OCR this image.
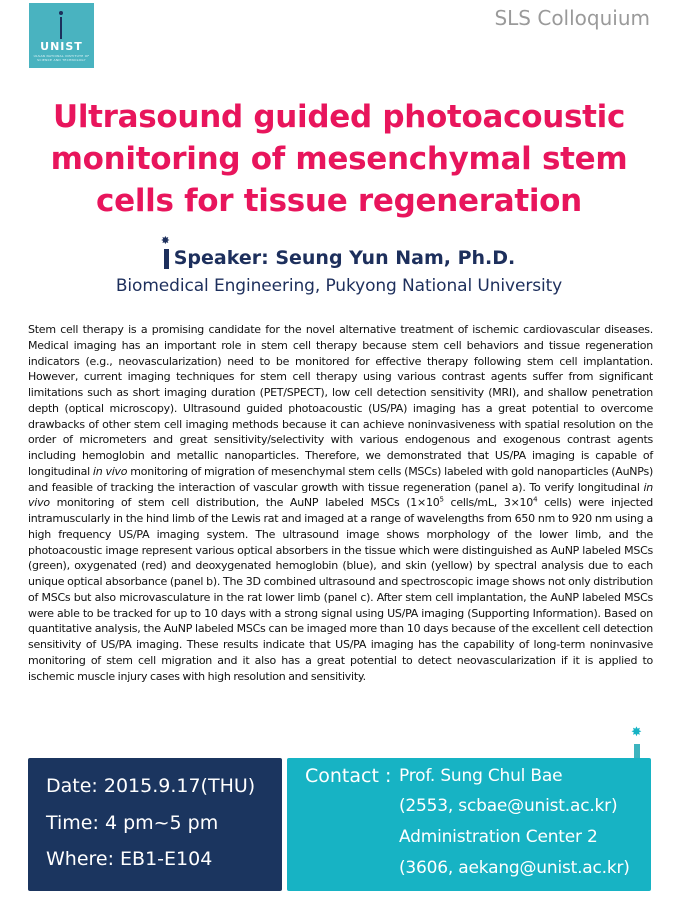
UNIST
ULSAN NATIONAL INSTITUTE OF SCIENCE AND TECHNOLOGY
SLS Colloquium
Ultrasound guided photoacoustic
monitoring of mesenchymal stem
cells for tissue regeneration
✸
Speaker: Seung Yun Nam, Ph.D.
Biomedical Engineering, Pukyong National University
Stem cell therapy is a promising candidate for the novel alternative treatment of ischemic cardiovascular diseases. Medical imaging has an important role in stem cell therapy because stem cell behaviors and tissue regeneration indicators (e.g., neovascularization) need to be monitored for effective therapy following stem cell implantation. However, current imaging techniques for stem cell therapy using various contrast agents suffer from significant limitations such as short imaging duration (PET/SPECT), low cell detection sensitivity (MRI), and shallow penetration depth (optical microscopy). Ultrasound guided photoacoustic (US/PA) imaging has a great potential to overcome drawbacks of other stem cell imaging methods because it can achieve noninvasiveness with spatial resolution on the order of micrometers and great sensitivity/selectivity with various endogenous and exogenous contrast agents including hemoglobin and metallic nanoparticles. Therefore, we demonstrated that US/PA imaging is capable of longitudinal in vivo monitoring of migration of mesenchymal stem cells (MSCs) labeled with gold nanoparticles (AuNPs) and feasible of tracking the interaction of vascular growth with tissue regeneration (panel a). To verify longitudinal in vivo monitoring of stem cell distribution, the AuNP labeled MSCs ($1\times 10^5$ cells/mL, $3\times 10^4$ cells) were injected intramuscularly in the hind limb of the Lewis rat and imaged at a range of wavelengths from 650 nm to 920 nm using a high frequency US/PA imaging system. The ultrasound image shows morphology of the lower limb, and the photoacoustic image represent various optical absorbers in the tissue which were distinguished as AuNP labeled MSCs (green), oxygenated (red) and deoxygenated hemoglobin (blue), and skin (yellow) by spectral analysis due to each unique optical absorbance (panel b). The 3D combined ultrasound and spectroscopic image shows not only distribution of MSCs but also microvasculature in the rat lower limb (panel c). After stem cell implantation, the AuNP labeled MSCs were able to be tracked for up to 10 days with a strong signal using US/PA imaging (Supporting Information). Based on quantitative analysis, the AuNP labeled MSCs can be imaged more than 10 days because of the excellent cell detection sensitivity of US/PA imaging. These results indicate that US/PA imaging has the capability of long-term noninvasive monitoring of stem cell migration and it also has a great potential to detect neovascularization if it is applied to ischemic muscle injury cases with high resolution and sensitivity.
✸
Date: 2015.9.17(THU)
Time: 4 pm~5 pm
Where: EB1-E104
Contact : Prof. Sung Chul Bae
(2553, scbae@unist.ac.kr)
Administration Center 2
(3606, aekang@unist.ac.kr)
